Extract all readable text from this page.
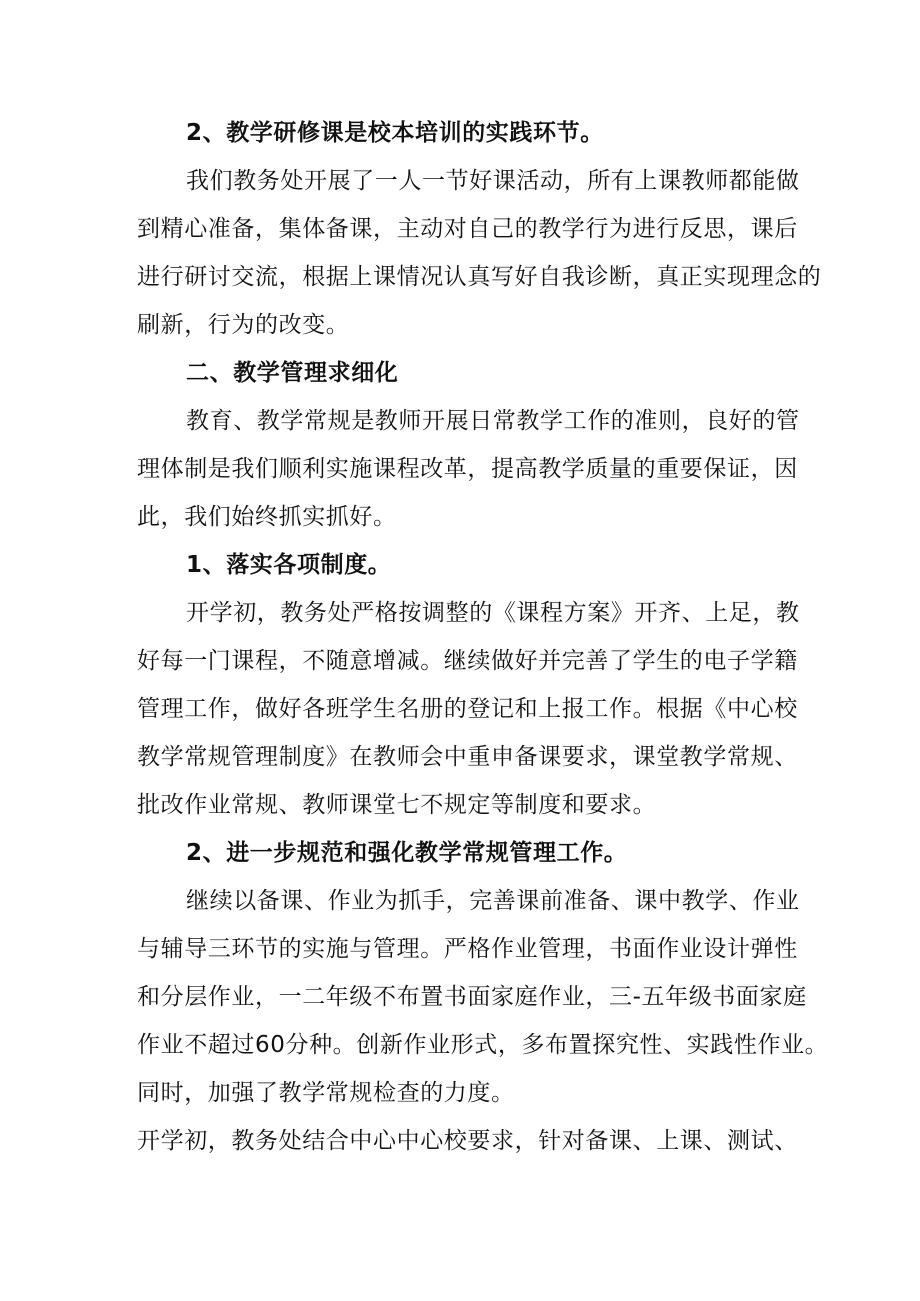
2、教学研修课是校本培训的实践环节。
我们教务处开展了一人一节好课活动，所有上课教师都能做
到精心准备，集体备课，主动对自己的教学行为进行反思，课后
进行研讨交流，根据上课情况认真写好自我诊断，真正实现理念的
刷新，行为的改变。
二、教学管理求细化
教育、教学常规是教师开展日常教学工作的准则，良好的管
理体制是我们顺利实施课程改革，提高教学质量的重要保证，因
此，我们始终抓实抓好。
1、落实各项制度。
开学初，教务处严格按调整的《课程方案》开齐、上足，教
好每一门课程，不随意增减。继续做好并完善了学生的电子学籍
管理工作，做好各班学生名册的登记和上报工作。根据《中心校
教学常规管理制度》在教师会中重申备课要求，课堂教学常规、
批改作业常规、教师课堂七不规定等制度和要求。
2、进一步规范和强化教学常规管理工作。
继续以备课、作业为抓手，完善课前准备、课中教学、作业
与辅导三环节的实施与管理。严格作业管理，书面作业设计弹性
和分层作业，一二年级不布置书面家庭作业，三-五年级书面家庭
作业不超过60分种。创新作业形式，多布置探究性、实践性作业。
同时，加强了教学常规检查的力度。
开学初，教务处结合中心中心校要求，针对备课、上课、测试、
